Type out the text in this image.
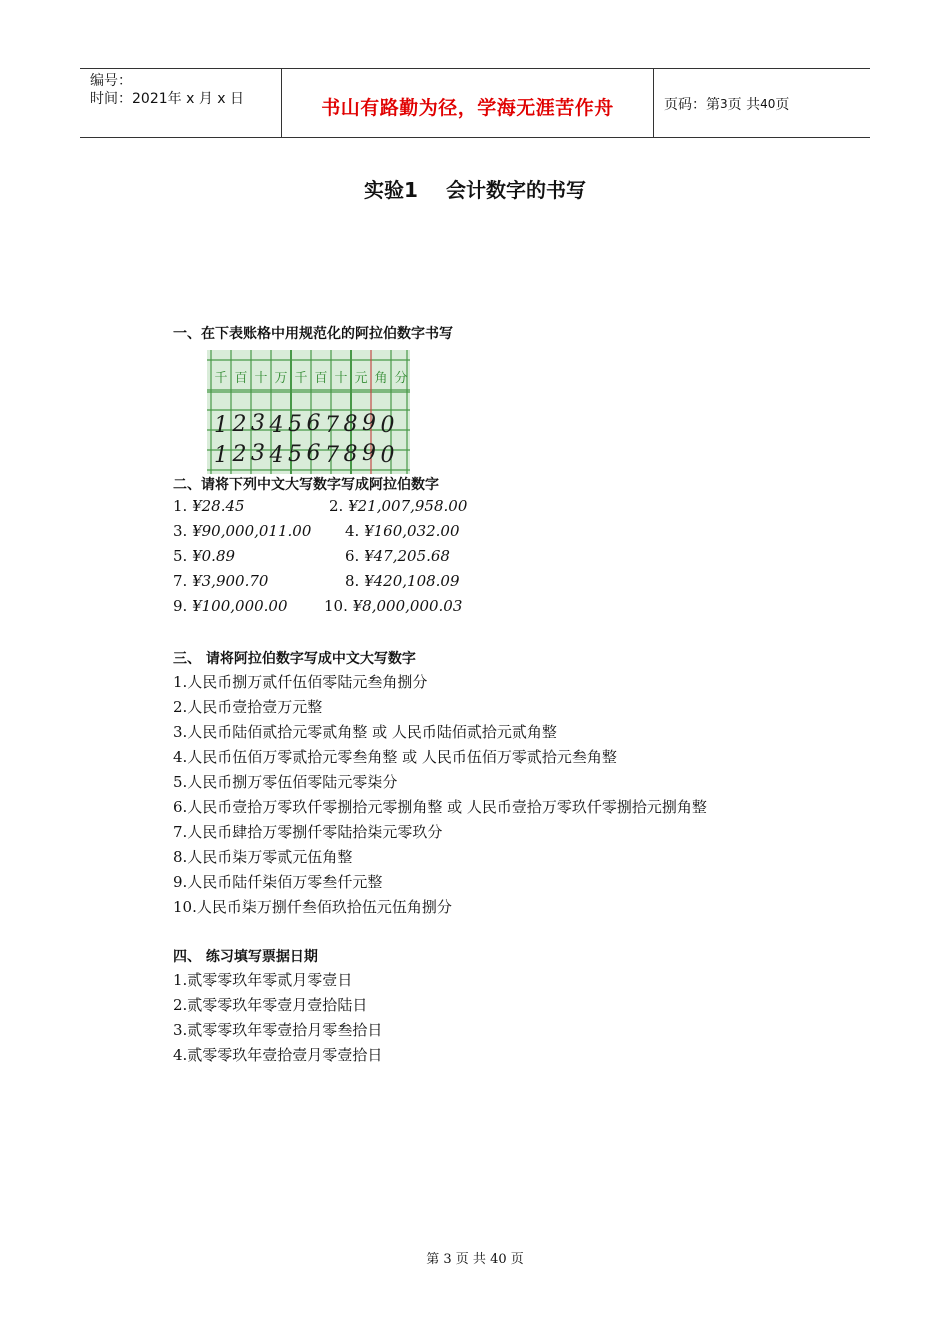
编号：
时间：2021年 x 月 x 日	书山有路勤为径，学海无涯苦作舟	页码：第 3 页 共 40 页
实验1 会计数字的书写
一、在下表账格中用规范化的阿拉伯数字书写
千 百 十 万 千 百 十 元 角 分
1 2 3 4 5 6 7 8 9 0
1 2 3 4 5 6 7 8 9 0
二、请将下列中文大写数字写成阿拉伯数字
1. ¥28.45	2. ¥21,007,958.00
3. ¥90,000,011.00 4. ¥160,032.00
5. ¥0.89	6. ¥47,205.68
7. ¥3,900.70	8. ¥420,108.09
9. ¥100,000.00 10. ¥8,000,000.03
三、 请将阿拉伯数字写成中文大写数字
1.人民币捌万贰仟伍佰零陆元叁角捌分
2.人民币壹拾壹万元整
3.人民币陆佰贰拾元零贰角整 或 人民币陆佰贰拾元贰角整
4.人民币伍佰万零贰拾元零叁角整 或 人民币伍佰万零贰拾元叁角整
5.人民币捌万零伍佰零陆元零柒分
6.人民币壹拾万零玖仟零捌拾元零捌角整 或 人民币壹拾万零玖仟零捌拾元捌角整
7.人民币肆拾万零捌仟零陆拾柒元零玖分
8.人民币柒万零贰元伍角整
9.人民币陆仟柒佰万零叁仟元整
10.人民币柒万捌仟叁佰玖拾伍元伍角捌分
四、 练习填写票据日期
1.贰零零玖年零贰月零壹日
2.贰零零玖年零壹月壹拾陆日
3.贰零零玖年零壹拾月零叁拾日
4.贰零零玖年壹拾壹月零壹拾日
第 3 页 共 40 页
